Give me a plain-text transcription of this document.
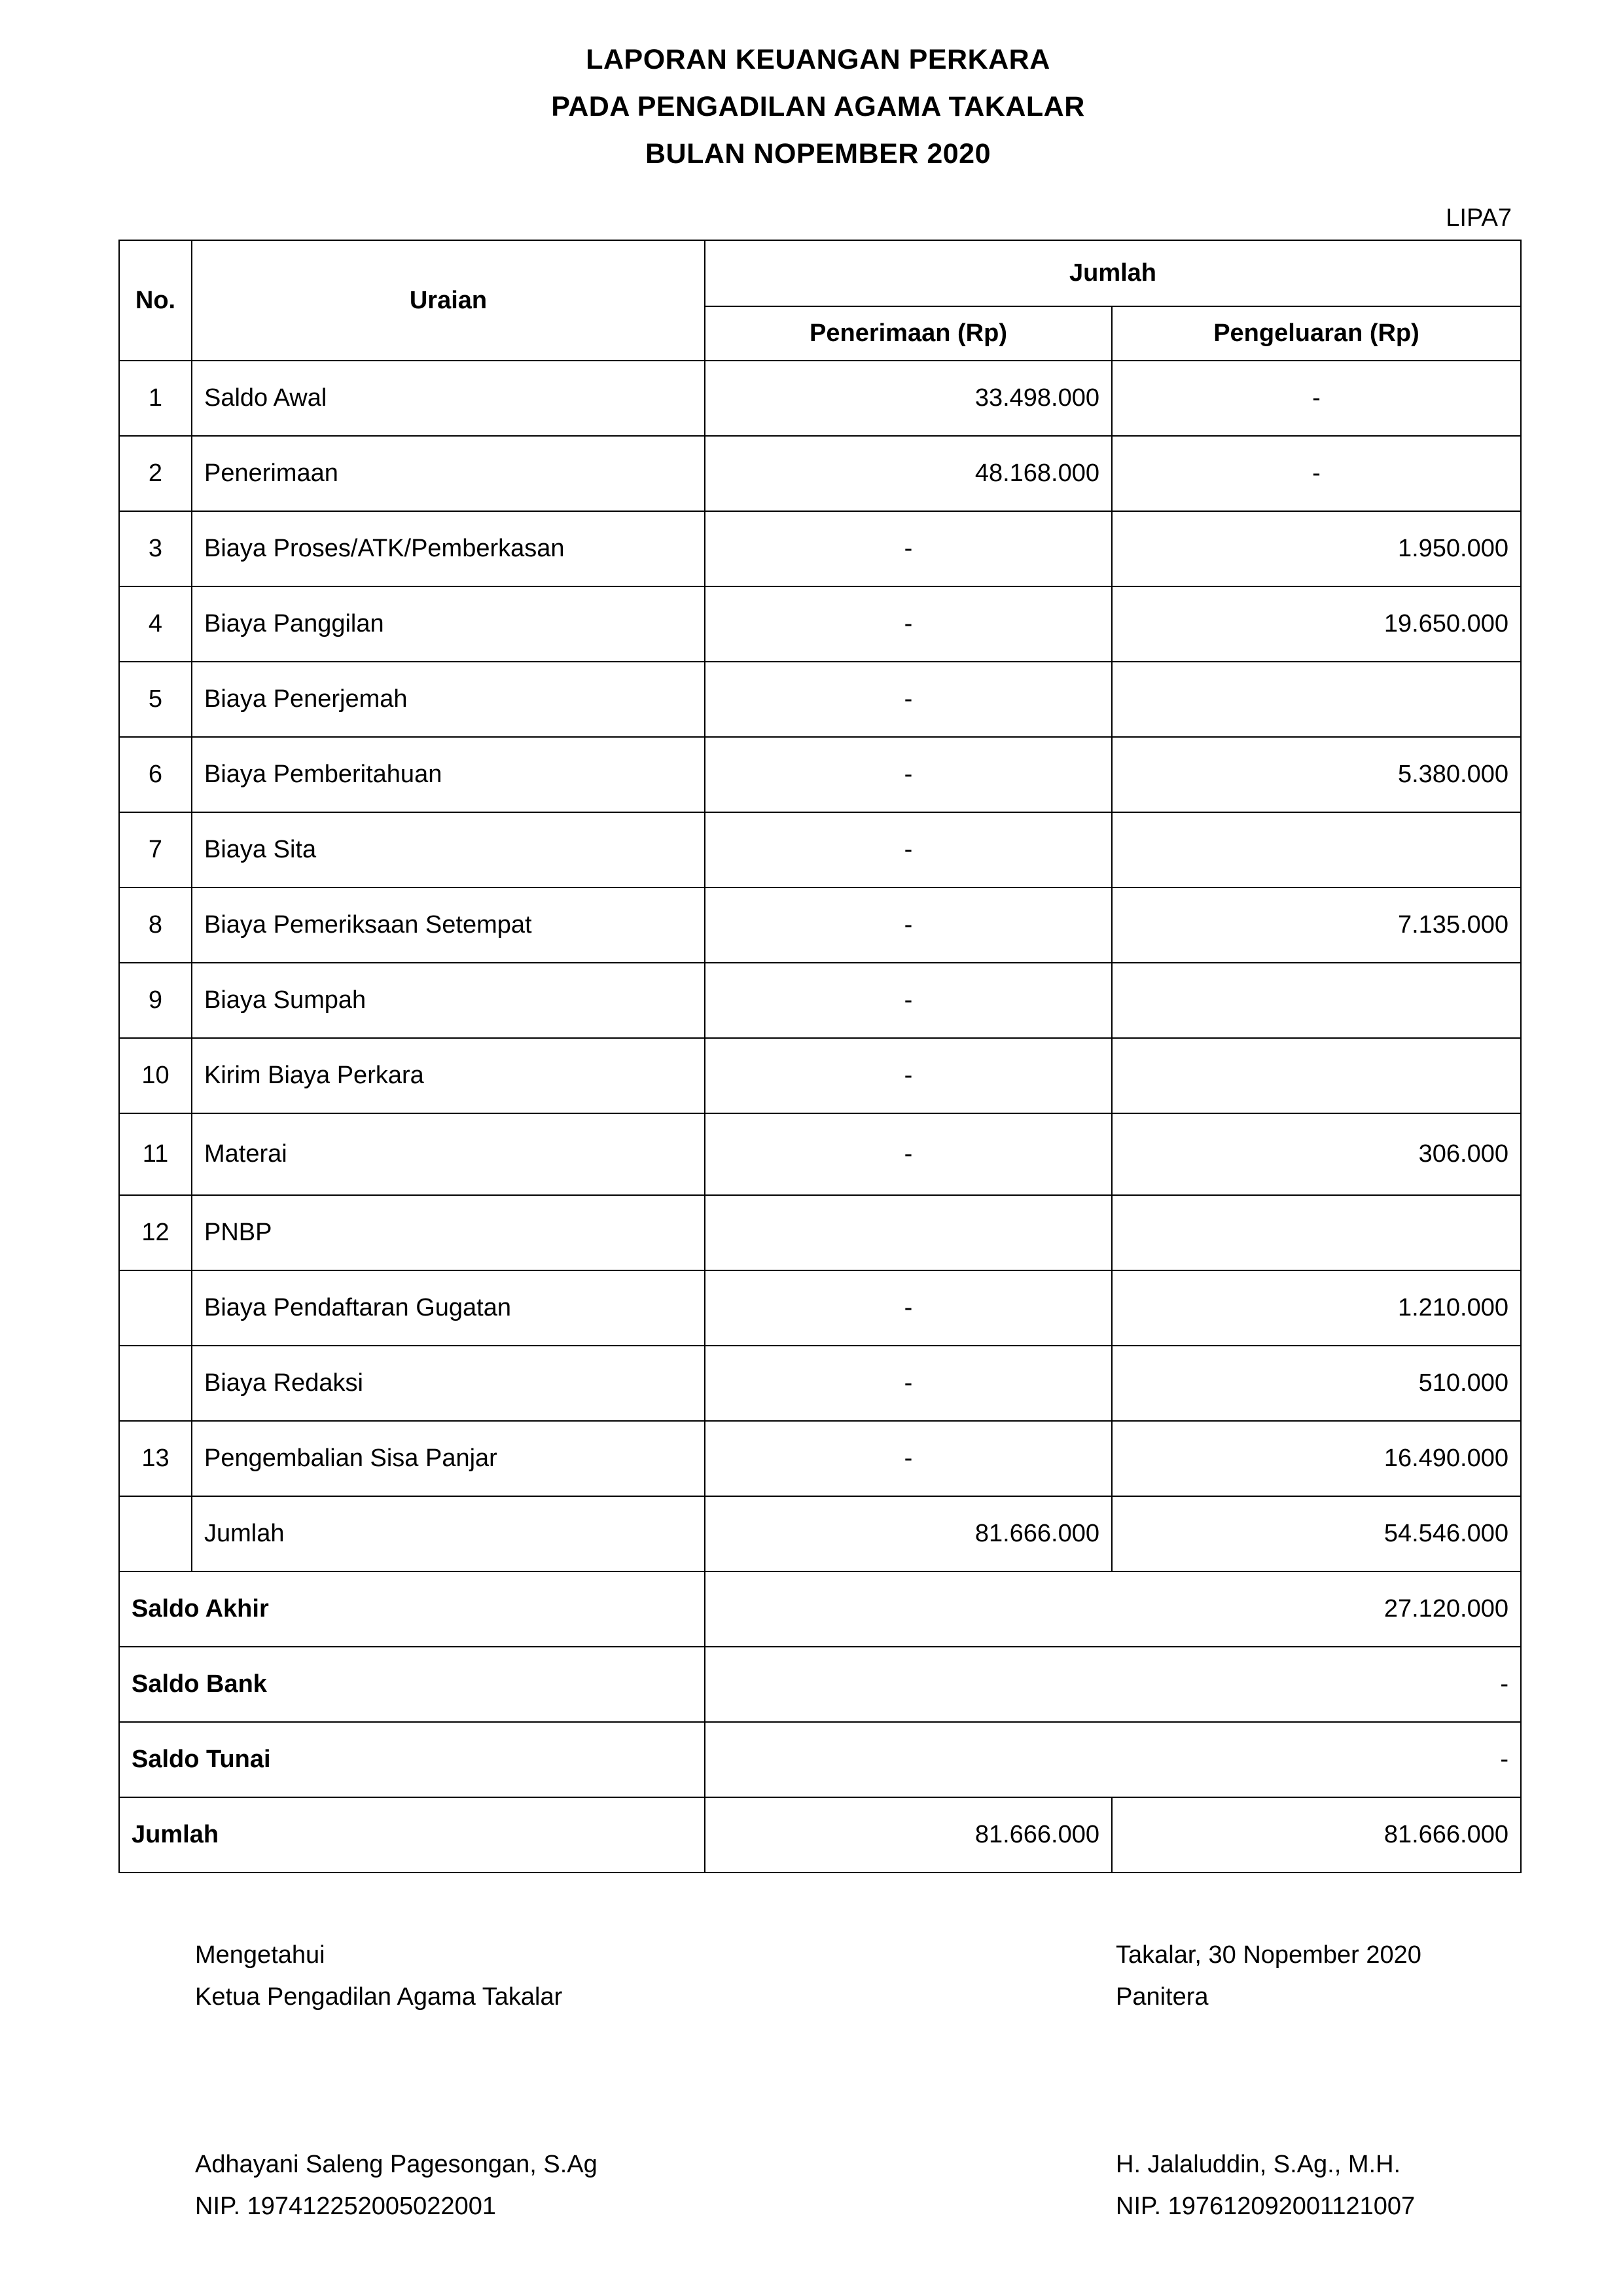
LAPORAN KEUANGAN PERKARA
PADA PENGADILAN AGAMA TAKALAR
BULAN NOPEMBER 2020
LIPA7
No.	Uraian	Jumlah	
		Penerimaan (Rp)	Pengeluaran (Rp)
1	Saldo Awal	33.498.000	-
2	Penerimaan	48.168.000	-
3	Biaya Proses/ATK/Pemberkasan	-	1.950.000
4	Biaya Panggilan	-	19.650.000
5	Biaya Penerjemah	-	
6	Biaya Pemberitahuan	-	5.380.000
7	Biaya Sita	-	
8	Biaya Pemeriksaan Setempat	-	7.135.000
9	Biaya Sumpah	-	
10	Kirim Biaya Perkara	-	
11	Materai	-	306.000
12	PNBP		
	Biaya Pendaftaran Gugatan	-	1.210.000
	Biaya Redaksi	-	510.000
13	Pengembalian Sisa Panjar	-	16.490.000
	Jumlah	81.666.000	54.546.000
Saldo Akhir		27.120.000	
Saldo Bank		-	
Saldo Tunai		-	
Jumlah		81.666.000	81.666.000
Mengetahui
Ketua Pengadilan Agama Takalar
Takalar, 30 Nopember 2020
Panitera
Adhayani Saleng Pagesongan, S.Ag
NIP. 197412252005022001
H. Jalaluddin, S.Ag., M.H.
NIP. 197612092001121007
